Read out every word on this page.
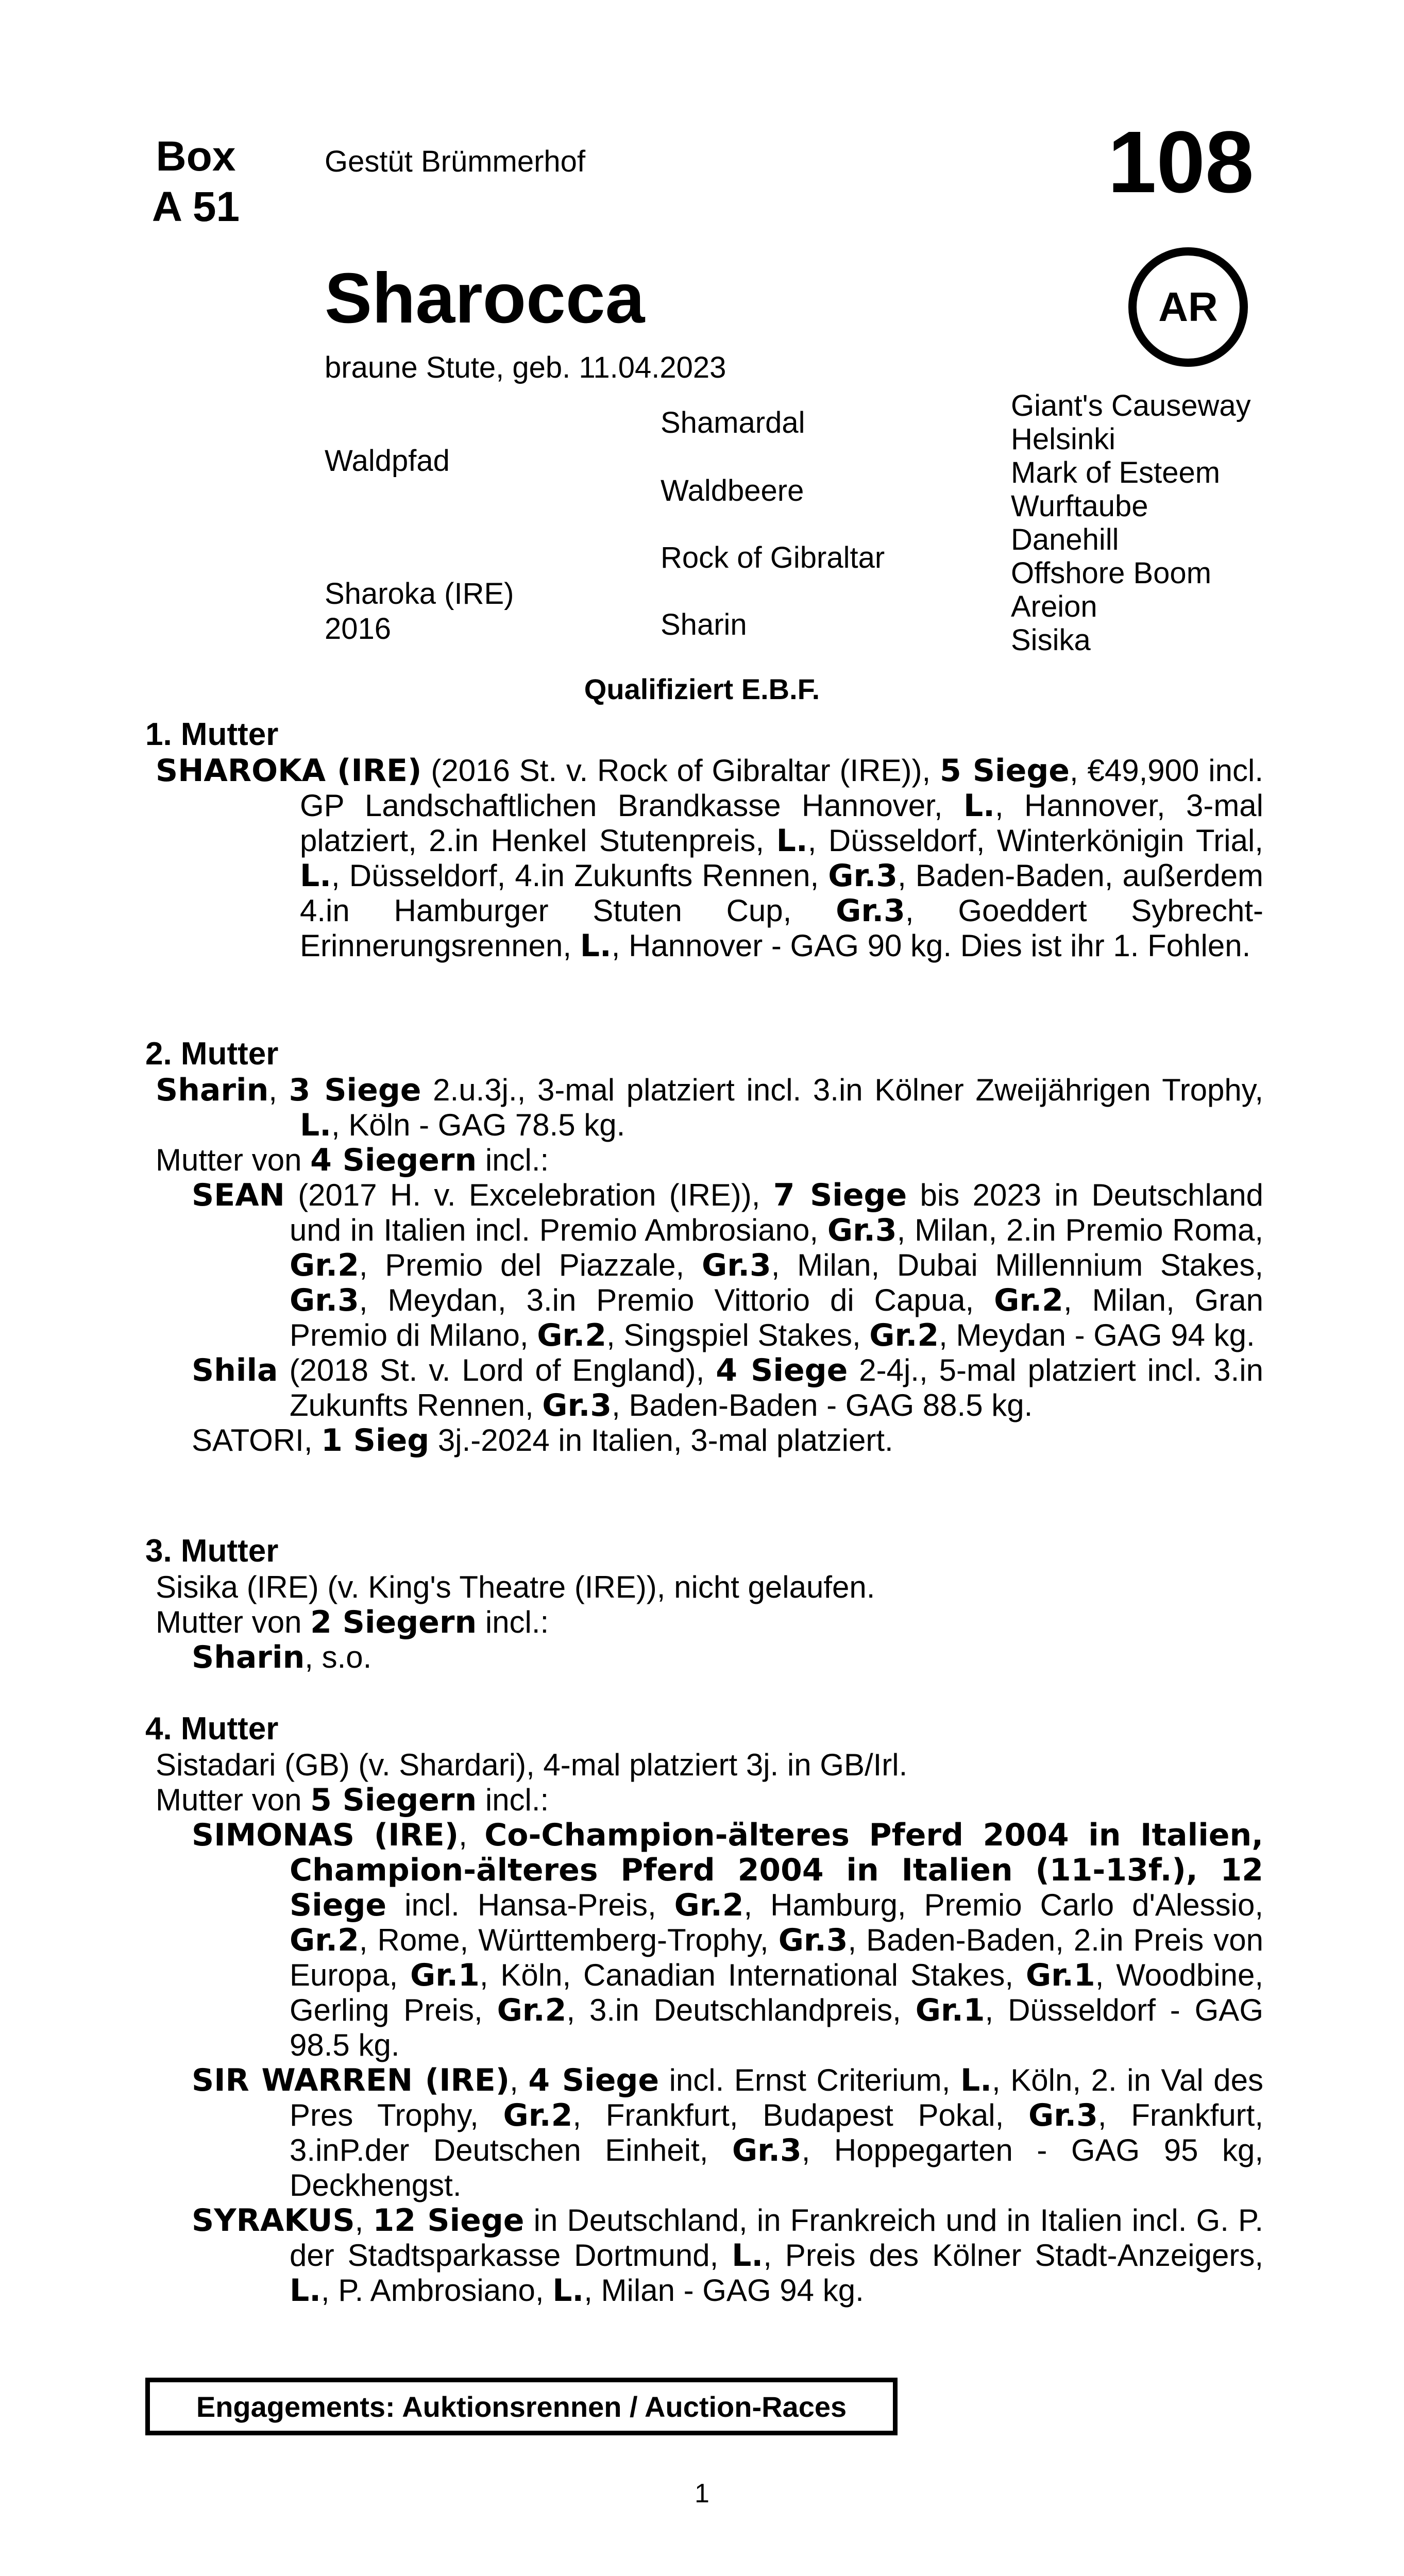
Box
A 51
Gestüt Brümmerhof	108
AR
Sharocca
braune Stute, geb. 11.04.2023
Waldpfad
Sharoka (IRE)
2016
Shamardal
Waldbeere
Rock of Gibraltar
Sharin
Giant's Causeway
Helsinki
Mark of Esteem
Wurftaube
Danehill
Offshore Boom
Areion
Sisika
Qualifiziert E.B.F.
1. Mutter
SHAROKA (IRE) (2016 St. v. Rock of Gibraltar (IRE)), 5 Siege, €49,900 incl. GP Landschaftlichen Brandkasse Hannover, L., Hannover, 3-mal platziert, 2.in Henkel Stutenpreis, L., Düsseldorf, Winterkönigin Trial, L., Düsseldorf, 4.in Zukunfts Rennen, Gr.3, Baden-Baden, außerdem 4.in Hamburger Stuten Cup, Gr.3, Goeddert Sybrecht-Erinnerungsrennen, L., Hannover - GAG 90 kg. Dies ist ihr 1. Fohlen.
2. Mutter
Sharin, 3 Siege 2.u.3j., 3-mal platziert incl. 3.in Kölner Zweijährigen Trophy, L., Köln - GAG 78.5 kg.
Mutter von 4 Siegern incl.:
SEAN (2017 H. v. Excelebration (IRE)), 7 Siege bis 2023 in Deutschland und in Italien incl. Premio Ambrosiano, Gr.3, Milan, 2.in Premio Roma, Gr.2, Premio del Piazzale, Gr.3, Milan, Dubai Millennium Stakes, Gr.3, Meydan, 3.in Premio Vittorio di Capua, Gr.2, Milan, Gran Premio di Milano, Gr.2, Singspiel Stakes, Gr.2, Meydan - GAG 94 kg.
Shila (2018 St. v. Lord of England), 4 Siege 2-4j., 5-mal platziert incl. 3.in Zukunfts Rennen, Gr.3, Baden-Baden - GAG 88.5 kg.
SATORI, 1 Sieg 3j.-2024 in Italien, 3-mal platziert.
3. Mutter
Sisika (IRE) (v. King's Theatre (IRE)), nicht gelaufen.
Mutter von 2 Siegern incl.:
Sharin, s.o.
4. Mutter
Sistadari (GB) (v. Shardari), 4-mal platziert 3j. in GB/Irl.
Mutter von 5 Siegern incl.:
SIMONAS (IRE), Co-Champion-älteres Pferd 2004 in Italien, Champion-älteres Pferd 2004 in Italien (11-13f.), 12 Siege incl. Hansa-Preis, Gr.2, Hamburg, Premio Carlo d'Alessio, Gr.2, Rome, Württemberg-Trophy, Gr.3, Baden-Baden, 2.in Preis von Europa, Gr.1, Köln, Canadian International Stakes, Gr.1, Woodbine, Gerling Preis, Gr.2, 3.in Deutschlandpreis, Gr.1, Düsseldorf - GAG 98.5 kg.
SIR WARREN (IRE), 4 Siege incl. Ernst Criterium, L., Köln, 2. in Val des Pres Trophy, Gr.2, Frankfurt, Budapest Pokal, Gr.3, Frankfurt, 3.inP.der Deutschen Einheit, Gr.3, Hoppegarten - GAG 95 kg, Deckhengst.
SYRAKUS, 12 Siege in Deutschland, in Frankreich und in Italien incl. G. P. der Stadtsparkasse Dortmund, L., Preis des Kölner Stadt-Anzeigers, L., P. Ambrosiano, L., Milan - GAG 94 kg.
Engagements: Auktionsrennen / Auction-Races
1
